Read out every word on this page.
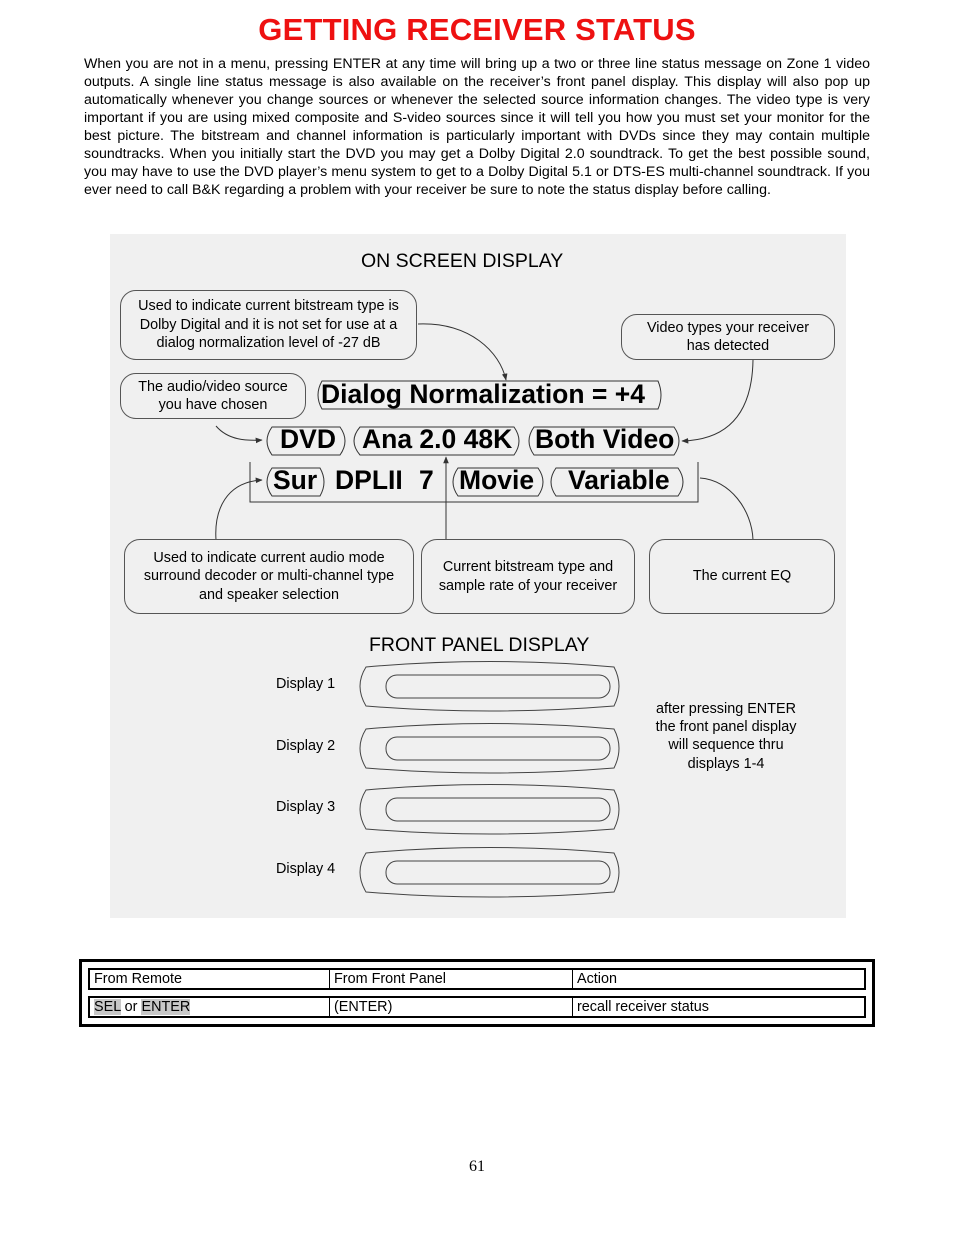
GETTING RECEIVER STATUS

When you are not in a menu, pressing ENTER at any time will bring up a two or three line status message on Zone 1 video outputs. A single line status message is also available on the receiver’s front panel display. This display will also pop up automatically whenever you change sources or whenever the selected source information changes. The video type is very important if you are using mixed composite and S-video sources since it will tell you how you must set your monitor for the best picture. The bitstream and channel information is particularly important with DVDs since they may contain multiple soundtracks. When you initially start the DVD you may get a Dolby Digital 2.0 soundtrack. To get the best possible sound, you may have to use the DVD player’s menu system to get to a Dolby Digital 5.1 or DTS-ES multi-channel soundtrack. If you ever need to call B&K regarding a problem with your receiver be sure to note the status display before calling.

ON SCREEN DISPLAY
Used to indicate current bitstream type is Dolby Digital and it is not set for use at a dialog normalization level of -27 dB
Video types your receiver has detected
The audio/video source you have chosen	Dialog Normalization = +4
DVD Ana 2.0 48K Both Video
Sur DPLII 7 Movie Variable
Used to indicate current audio mode surround decoder or multi-channel type and speaker selection
Current bitstream type and sample rate of your receiver
The current EQ
FRONT PANEL DISPLAY
Display 1
Display 2
Display 3
Display 4
after pressing ENTER the front panel display will sequence thru displays 1-4
From Remote	From Front Panel	Action
SEL or ENTER	(ENTER)	recall receiver status
61
